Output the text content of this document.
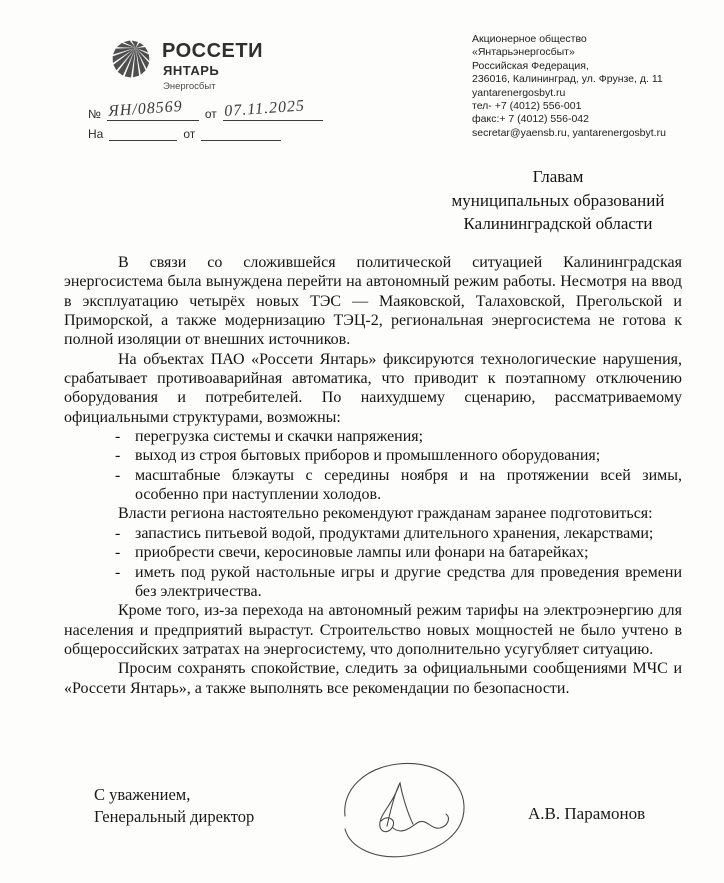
РОССЕТИ
ЯНТАРЬ
Энергосбыт
№ ЯН/08569 от 07.11.2025
На	от
Акционерное общество
«Янтарьэнергосбыт»
Российская Федерация,
236016, Калининград, ул. Фрунзе, д. 11
yantarenergosbyt.ru
тел- +7 (4012) 556-001
факс:+ 7 (4012) 556-042
secretar@yaensb.ru, yantarenergosbyt.ru
Главам
муниципальных образований
Калининградской области

В связи со сложившейся политической ситуацией Калининградская энергосистема была вынуждена перейти на автономный режим работы. Несмотря на ввод в эксплуатацию четырёх новых ТЭС — Маяковской, Талаховской, Прегольской и Приморской, а также модернизацию ТЭЦ-2, региональная энергосистема не готова к полной изоляции от внешних источников.

На объектах ПАО «Россети Янтарь» фиксируются технологические нарушения, срабатывает противоаварийная автоматика, что приводит к поэтапному отключению оборудования и потребителей. По наихудшему сценарию, рассматриваемому официальными структурами, возможны:

- перегрузка системы и скачки напряжения;
- выход из строя бытовых приборов и промышленного оборудования;
- масштабные блэкауты с середины ноября и на протяжении всей зимы, особенно при наступлении холодов.

Власти региона настоятельно рекомендуют гражданам заранее подготовиться:

- запастись питьевой водой, продуктами длительного хранения, лекарствами;
- приобрести свечи, керосиновые лампы или фонари на батарейках;
- иметь под рукой настольные игры и другие средства для проведения времени без электричества.

Кроме того, из-за перехода на автономный режим тарифы на электроэнергию для населения и предприятий вырастут. Строительство новых мощностей не было учтено в общероссийских затратах на энергосистему, что дополнительно усугубляет ситуацию.

Просим сохранять спокойствие, следить за официальными сообщениями МЧС и «Россети Янтарь», а также выполнять все рекомендации по безопасности.

С уважением,
Генеральный директор	А.В. Парамонов
